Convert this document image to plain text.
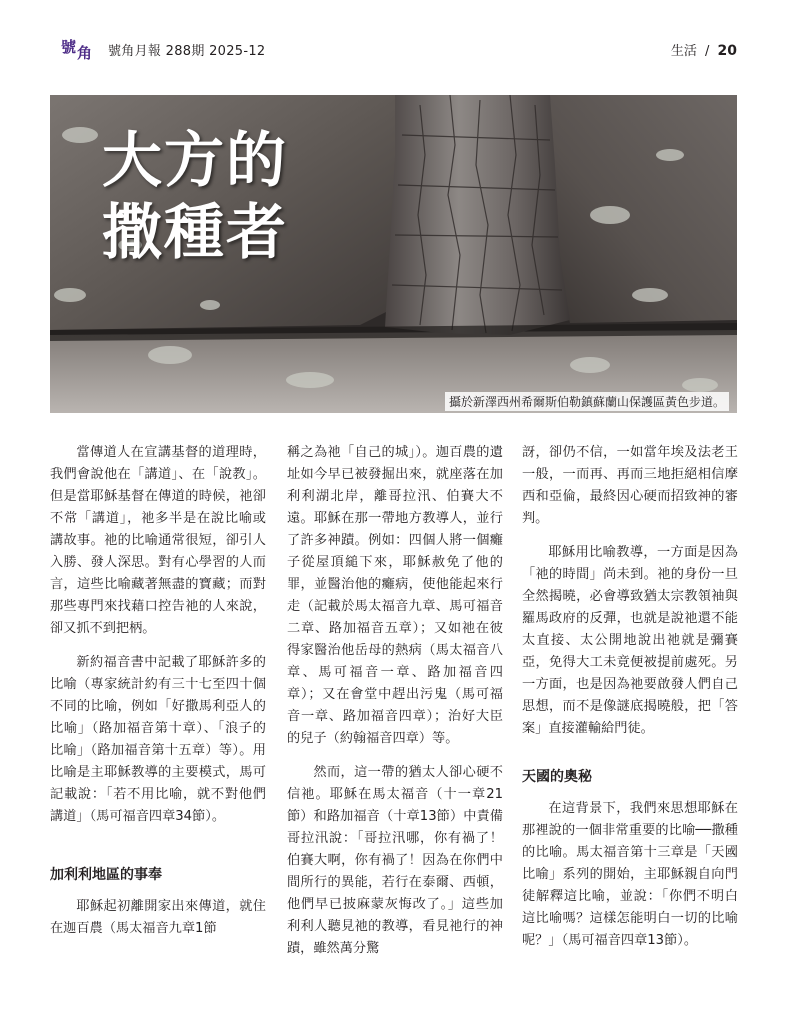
號 角 號角月報 288期 2025-12	生活 / 20
大方的
撒種者
攝於新澤西州希爾斯伯勒鎮蘇蘭山保護區黃色步道。

當傳道人在宣講基督的道理時，我們會說他在「講道」、在「說教」。但是當耶穌基督在傳道的時候，祂卻不常「講道」，祂多半是在說比喻或講故事。祂的比喻通常很短，卻引人入勝、發人深思。對有心學習的人而言，這些比喻藏著無盡的寶藏；而對那些專門來找藉口控告祂的人來說，卻又抓不到把柄。

新約福音書中記載了耶穌許多的比喻（專家統計約有三十七至四十個不同的比喻，例如「好撒馬利亞人的比喻」（路加福音第十章）、「浪子的比喻」（路加福音第十五章）等）。用比喻是主耶穌教導的主要模式，馬可記載說：「若不用比喻，就不對他們講道」（馬可福音四章34節）。

加利利地區的事奉

耶穌起初離開家出來傳道，就住在迦百農（馬太福音九章1節

稱之為祂「自己的城」）。迦百農的遺址如今早已被發掘出來，就座落在加利利湖北岸，離哥拉汛、伯賽大不遠。耶穌在那一帶地方教導人，並行了許多神蹟。例如：四個人將一個癱子從屋頂縋下來，耶穌赦免了他的罪，並醫治他的癱病，使他能起來行走（記載於馬太福音九章、馬可福音二章、路加福音五章）；又如祂在彼得家醫治他岳母的熱病（馬太福音八章、馬可福音一章、路加福音四章）；又在會堂中趕出污鬼（馬可福音一章、路加福音四章）；治好大臣的兒子（約翰福音四章）等。

然而，這一帶的猶太人卻心硬不信祂。耶穌在馬太福音（十一章21節）和路加福音（十章13節）中責備哥拉汛說：「哥拉汛哪，你有禍了！伯賽大啊，你有禍了！因為在你們中間所行的異能，若行在泰爾、西頓，他們早已披麻蒙灰悔改了。」這些加利利人聽見祂的教導，看見祂行的神蹟，雖然萬分驚

訝，卻仍不信，一如當年埃及法老王一般，一而再、再而三地拒絕相信摩西和亞倫，最終因心硬而招致神的審判。

耶穌用比喻教導，一方面是因為「祂的時間」尚未到。祂的身份一旦全然揭曉，必會導致猶太宗教領袖與羅馬政府的反彈，也就是說祂還不能太直接、太公開地說出祂就是彌賽亞，免得大工未竟便被提前處死。另一方面，也是因為祂要啟發人們自己思想，而不是像謎底揭曉般，把「答案」直接灌輸給門徒。

天國的奧秘

在這背景下，我們來思想耶穌在那裡說的一個非常重要的比喻──撒種的比喻。馬太福音第十三章是「天國比喻」系列的開始，主耶穌親自向門徒解釋這比喻，並說：「你們不明白這比喻嗎？這樣怎能明白一切的比喻呢？」（馬可福音四章13節）。
